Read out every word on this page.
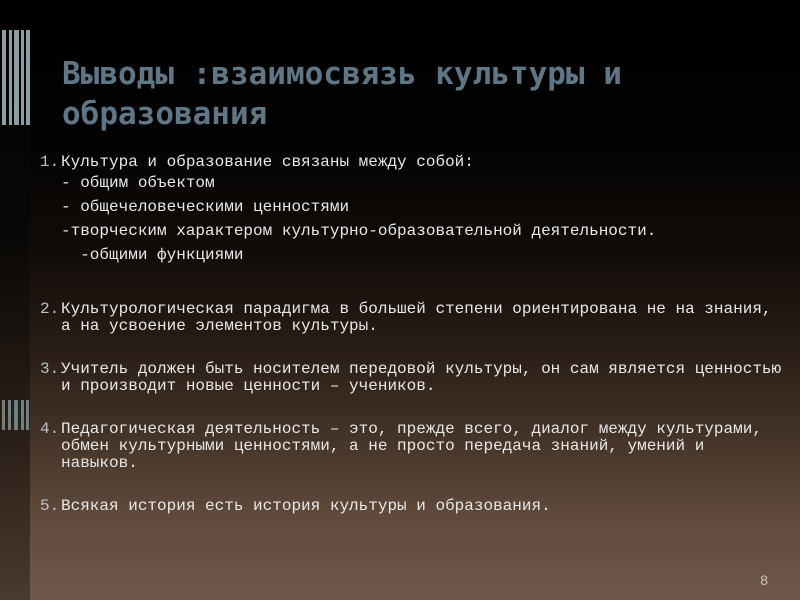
Выводы :взаимосвязь культуры и образования
1. Культура и образование связаны между собой:

- общим объектом
- общечеловеческими ценностями
-творческим характером культурно-образовательной деятельности.
-общими функциями
2. Культурологическая парадигма в большей степени ориентирована не на знания, а на усвоение элементов культуры.

3. Учитель должен быть носителем передовой культуры, он сам является ценностью и производит новые ценности – учеников.

4. Педагогическая деятельность – это, прежде всего, диалог между культурами, обмен культурными ценностями, а не просто передача знаний, умений и навыков.

5. Всякая история есть история культуры и образования.

8
